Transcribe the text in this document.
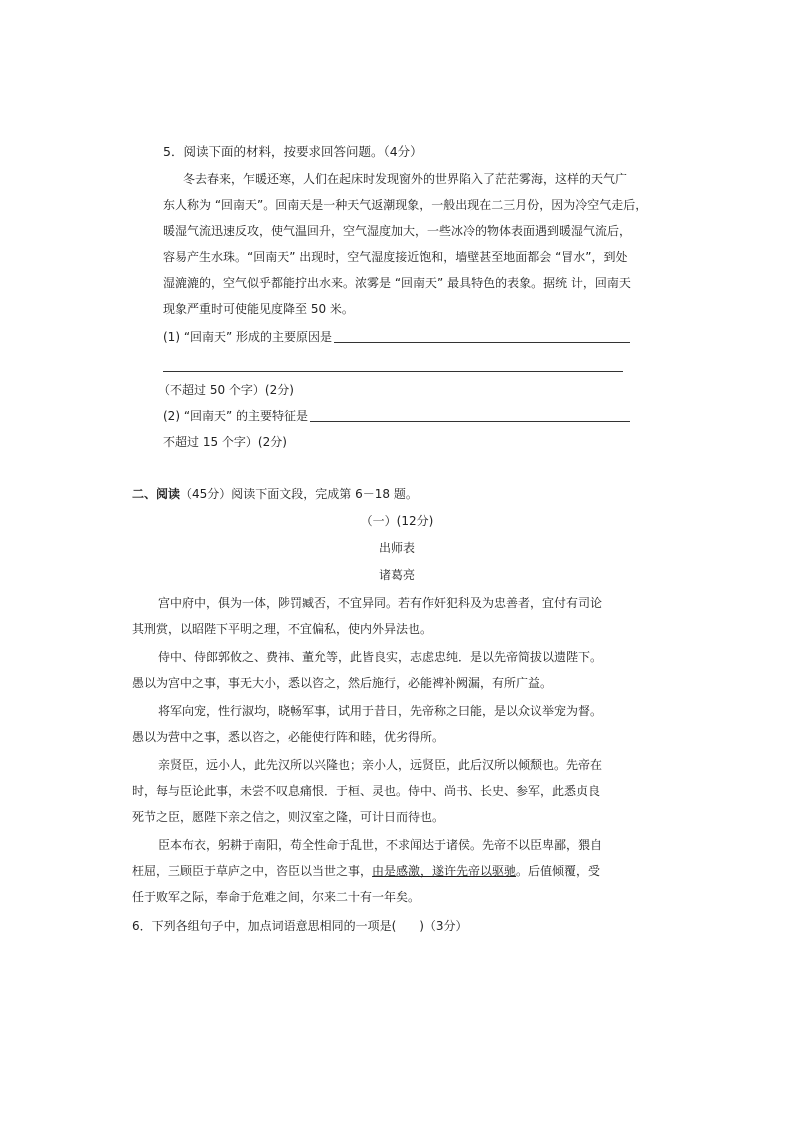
5．阅读下面的材料，按要求回答问题。（4分）
冬去春来，乍暖还寒，人们在起床时发现窗外的世界陷入了茫茫雾海，这样的天气广
东人称为 “回南天”。回南天是一种天气返潮现象，一般出现在二三月份，因为冷空气走后，
暖湿气流迅速反攻，使气温回升，空气湿度加大，一些冰冷的物体表面遇到暖湿气流后，
容易产生水珠。“回南天” 出现时，空气湿度接近饱和，墙壁甚至地面都会 “冒水”，到处
湿漉漉的，空气似乎都能拧出水来。浓雾是 “回南天” 最具特色的表象。据统 计，回南天
现象严重时可使能见度降至 50 米。
(1) “回南天” 形成的主要原因是
（不超过 50 个字）(2分)
(2) “回南天” 的主要特征是
不超过 15 个字）(2分)
二、阅读（45分）阅读下面文段，完成第 6－18 题。
（一）(12分)
出师表
诸葛亮
宫中府中，俱为一体，陟罚臧否，不宜异同。若有作奸犯科及为忠善者，宜付有司论
其刑赏，以昭陛下平明之理，不宜偏私，使内外异法也。
侍中、侍郎郭攸之、费祎、董允等，此皆良实，志虑忠纯．是以先帝简拔以遗陛下。
愚以为宫中之事，事无大小，悉以咨之，然后施行，必能裨补阙漏，有所广益。
将军向宠，性行淑均，晓畅军事，试用于昔日，先帝称之曰能，是以众议举宠为督。
愚以为营中之事，悉以咨之，必能使行阵和睦，优劣得所。
亲贤臣，远小人，此先汉所以兴隆也；亲小人，远贤臣，此后汉所以倾颓也。先帝在
时，每与臣论此事，未尝不叹息痛恨．于桓、灵也。侍中、尚书、长史、参军，此悉贞良
死节之臣，愿陛下亲之信之，则汉室之隆，可计日而待也。
臣本布衣，躬耕于南阳，苟全性命于乱世，不求闻达于诸侯。先帝不以臣卑鄙，猥自
枉屈，三顾臣于草庐之中，咨臣以当世之事，由是感激，遂许先帝以驱驰。后值倾覆，受
任于败军之际，奉命于危难之间，尔来二十有一年矣。
6．下列各组句子中，加点词语意思相同的一项是(      )（3分）
